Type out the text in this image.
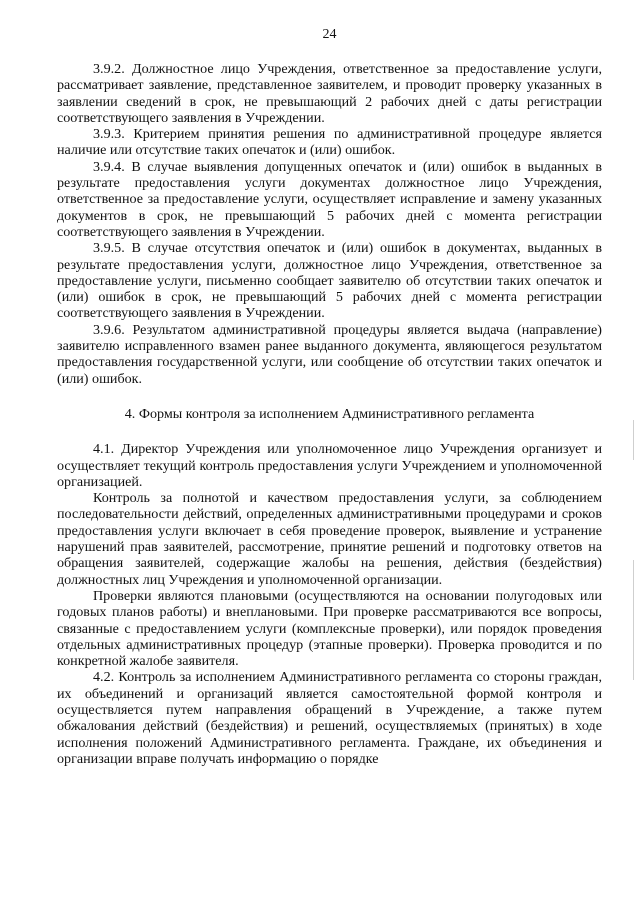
24

3.9.2. Должностное лицо Учреждения, ответственное за предоставление услуги, рассматривает заявление, представленное заявителем, и проводит проверку указанных в заявлении сведений в срок, не превышающий 2 рабочих дней с даты регистрации соответствующего заявления в Учреждении.

3.9.3. Критерием принятия решения по административной процедуре является наличие или отсутствие таких опечаток и (или) ошибок.

3.9.4. В случае выявления допущенных опечаток и (или) ошибок в выданных в результате предоставления услуги документах должностное лицо Учреждения, ответственное за предоставление услуги, осуществляет исправление и замену указанных документов в срок, не превышающий 5 рабочих дней с момента регистрации соответствующего заявления в Учреждении.

3.9.5. В случае отсутствия опечаток и (или) ошибок в документах, выданных в результате предоставления услуги, должностное лицо Учреждения, ответственное за предоставление услуги, письменно сообщает заявителю об отсутствии таких опечаток и (или) ошибок в срок, не превышающий 5 рабочих дней с момента регистрации соответствующего заявления в Учреждении.

3.9.6. Результатом административной процедуры является выдача (направление) заявителю исправленного взамен ранее выданного документа, являющегося результатом предоставления государственной услуги, или сообщение об отсутствии таких опечаток и (или) ошибок.

4. Формы контроля за исполнением Административного регламента

4.1. Директор Учреждения или уполномоченное лицо Учреждения организует и осуществляет текущий контроль предоставления услуги Учреждением и уполномоченной организацией.

Контроль за полнотой и качеством предоставления услуги, за соблюдением последовательности действий, определенных административными процедурами и сроков предоставления услуги включает в себя проведение проверок, выявление и устранение нарушений прав заявителей, рассмотрение, принятие решений и подготовку ответов на обращения заявителей, содержащие жалобы на решения, действия (бездействия) должностных лиц Учреждения и уполномоченной организации.

Проверки являются плановыми (осуществляются на основании полугодовых или годовых планов работы) и внеплановыми. При проверке рассматриваются все вопросы, связанные с предоставлением услуги (комплексные проверки), или порядок проведения отдельных административных процедур (этапные проверки). Проверка проводится и по конкретной жалобе заявителя.

4.2. Контроль за исполнением Административного регламента со стороны граждан, их объединений и организаций является самостоятельной формой контроля и осуществляется путем направления обращений в Учреждение, а также путем обжалования действий (бездействия) и решений, осуществляемых (принятых) в ходе исполнения положений Административного регламента. Граждане, их объединения и организации вправе получать информацию о порядке
